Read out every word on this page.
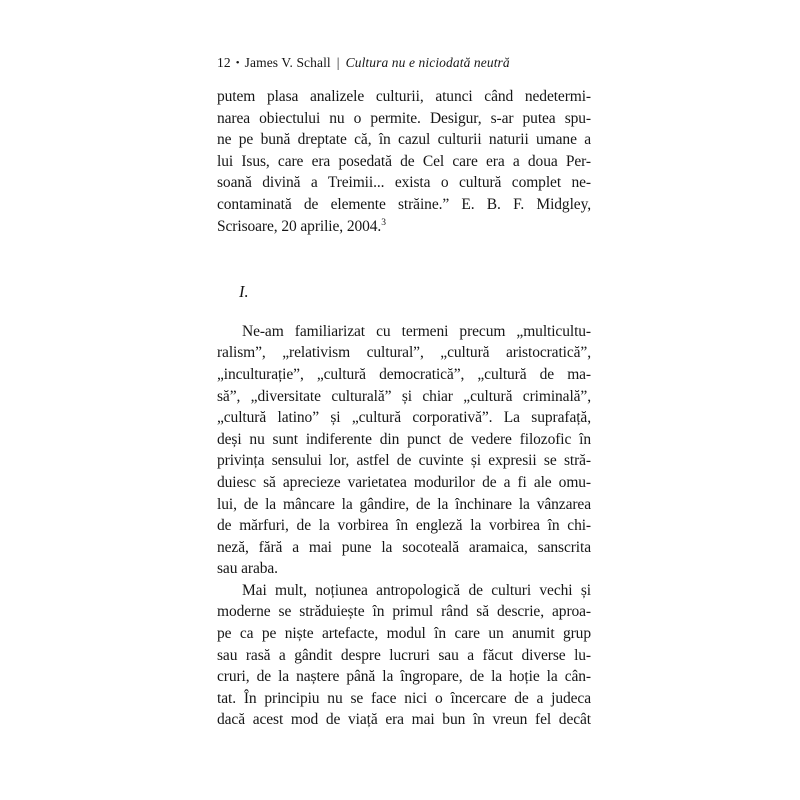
12 • James V. Schall | Cultura nu e niciodată neutră
putem plasa analizele culturii, atunci când nedetermi-
narea obiectului nu o permite. Desigur, s-ar putea spu-
ne pe bună dreptate că, în cazul culturii naturii umane a
lui Isus, care era posedată de Cel care era a doua Per-
soană divină a Treimii... exista o cultură complet ne-
contaminată de elemente străine.” E. B. F. Midgley,
Scrisoare, 20 aprilie, 2004.$^3$
I.
Ne-am familiarizat cu termeni precum „multicultu-
ralism”, „relativism cultural”, „cultură aristocratică”,
„inculturație”, „cultură democratică”, „cultură de ma-
să”, „diversitate culturală” și chiar „cultură criminală”,
„cultură latino” și „cultură corporativă”. La suprafață,
deși nu sunt indiferente din punct de vedere filozofic în
privința sensului lor, astfel de cuvinte și expresii se stră-
duiesc să aprecieze varietatea modurilor de a fi ale omu-
lui, de la mâncare la gândire, de la închinare la vânzarea
de mărfuri, de la vorbirea în engleză la vorbirea în chi-
neză, fără a mai pune la socoteală aramaica, sanscrita
sau araba.
Mai mult, noțiunea antropologică de culturi vechi și
moderne se străduiește în primul rând să descrie, aproa-
pe ca pe niște artefacte, modul în care un anumit grup
sau rasă a gândit despre lucruri sau a făcut diverse lu-
cruri, de la naștere până la îngropare, de la hoție la cân-
tat. În principiu nu se face nici o încercare de a judeca
dacă acest mod de viață era mai bun în vreun fel decât
